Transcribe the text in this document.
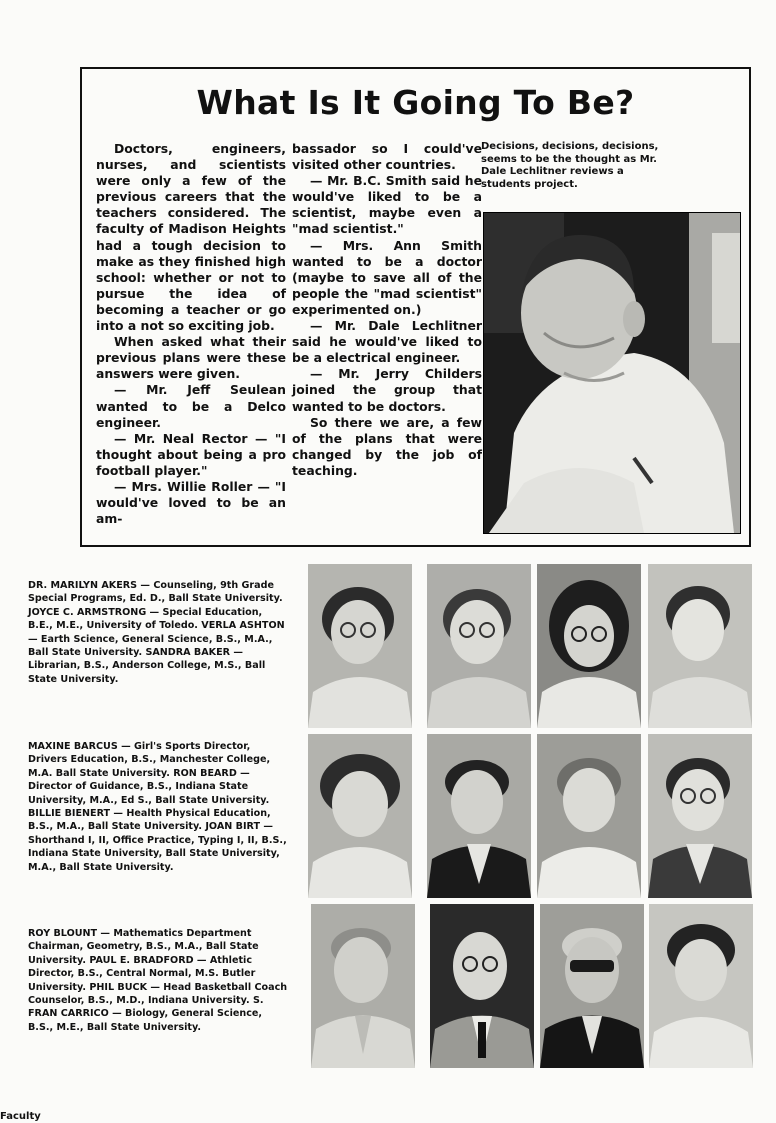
What Is It Going To Be?

Doctors, engineers, nurses, and scientists were only a few of the previous careers that the teachers considered. The faculty of Madison Heights had a tough decision to make as they finished high school: whether or not to pursue the idea of becoming a teacher or go into a not so exciting job.

When asked what their previous plans were these answers were given.

— Mr. Jeff Seulean wanted to be a Delco engineer.

— Mr. Neal Rector — "I thought about being a pro football player."

— Mrs. Willie Roller — "I would've loved to be an am-

bassador so I could've visited other countries.

— Mr. B.C. Smith said he would've liked to be a scientist, maybe even a "mad scientist."

— Mrs. Ann Smith wanted to be a doctor (maybe to save all of the people the "mad scientist" experimented on.)

— Mr. Dale Lechlitner said he would've liked to be a electrical engineer.

— Mr. Jerry Childers joined the group that wanted to be doctors.

So there we are, a few of the plans that were changed by the job of teaching.

Decisions, decisions, decisions, seems to be the thought as Mr. Dale Lechlitner reviews a students project.
DR. MARILYN AKERS — Counseling, 9th Grade Special Programs, Ed. D., Ball State University. JOYCE C. ARMSTRONG — Special Education, B.E., M.E., University of Toledo. VERLA ASHTON — Earth Science, General Science, B.S., M.A., Ball State University. SANDRA BAKER — Librarian, B.S., Anderson College, M.S., Ball State University.
MAXINE BARCUS — Girl's Sports Director, Drivers Education, B.S., Manchester College, M.A. Ball State University. RON BEARD — Director of Guidance, B.S., Indiana State University, M.A., Ed S., Ball State University. BILLIE BIENERT — Health Physical Education, B.S., M.A., Ball State University. JOAN BIRT — Shorthand I, II, Office Practice, Typing I, II, B.S., Indiana State University, Ball State University, M.A., Ball State University.
ROY BLOUNT — Mathematics Department Chairman, Geometry, B.S., M.A., Ball State University. PAUL E. BRADFORD — Athletic Director, B.S., Central Normal, M.S. Butler University. PHIL BUCK — Head Basketball Coach Counselor, B.S., M.D., Indiana University. S. FRAN CARRICO — Biology, General Science, B.S., M.E., Ball State University.
Faculty
